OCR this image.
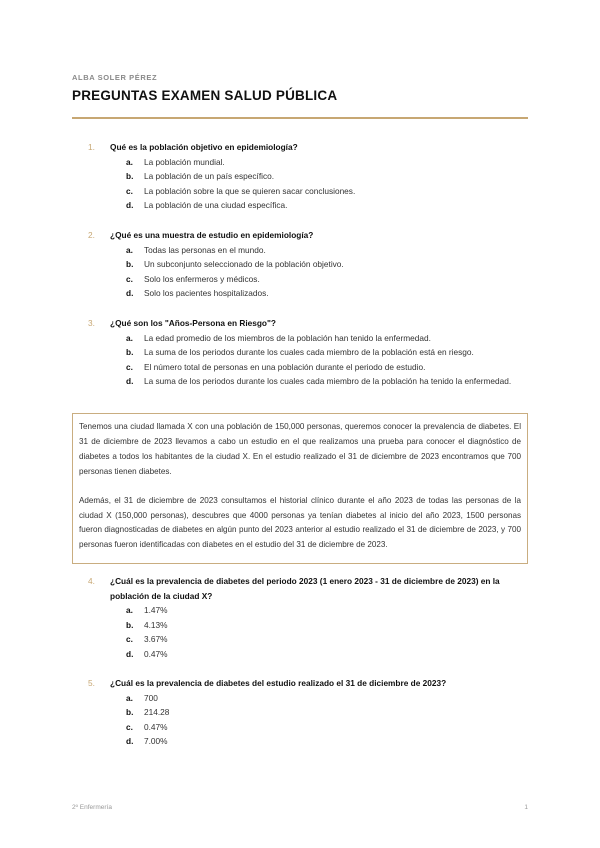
ALBA SOLER PÉREZ

PREGUNTAS EXAMEN SALUD PÚBLICA
1.	Qué es la población objetivo en epidemiología?
a.	La población mundial.
b.	La población de un país específico.
c.	La población sobre la que se quieren sacar conclusiones.
d.	La población de una ciudad específica.
2.	¿Qué es una muestra de estudio en epidemiología?
a.	Todas las personas en el mundo.
b.	Un subconjunto seleccionado de la población objetivo.
c.	Solo los enfermeros y médicos.
d.	Solo los pacientes hospitalizados.
3.	¿Qué son los "Años-Persona en Riesgo"?
a.	La edad promedio de los miembros de la población han tenido la enfermedad.
b.	La suma de los periodos durante los cuales cada miembro de la población está en riesgo.
c.	El número total de personas en una población durante el periodo de estudio.
d.	La suma de los periodos durante los cuales cada miembro de la población ha tenido la enfermedad.

Tenemos una ciudad llamada X con una población de 150,000 personas, queremos conocer la prevalencia de diabetes. El 31 de diciembre de 2023 llevamos a cabo un estudio en el que realizamos una prueba para conocer el diagnóstico de diabetes a todos los habitantes de la ciudad X. En el estudio realizado el 31 de diciembre de 2023 encontramos que 700 personas tienen diabetes.

Además, el 31 de diciembre de 2023 consultamos el historial clínico durante el año 2023 de todas las personas de la ciudad X (150,000 personas), descubres que 4000 personas ya tenían diabetes al inicio del año 2023, 1500 personas fueron diagnosticadas de diabetes en algún punto del 2023 anterior al estudio realizado el 31 de diciembre de 2023, y 700 personas fueron identificadas con diabetes en el estudio del 31 de diciembre de 2023.

4.	¿Cuál es la prevalencia de diabetes del periodo 2023 (1 enero 2023 - 31 de diciembre de 2023) en la población de la ciudad X?
a.	1.47%
b.	4.13%
c.	3.67%
d.	0.47%
5.	¿Cuál es la prevalencia de diabetes del estudio realizado el 31 de diciembre de 2023?
a.	700
b.	214.28
c.	0.47%
d.	7.00%

2º Enfermería	1
